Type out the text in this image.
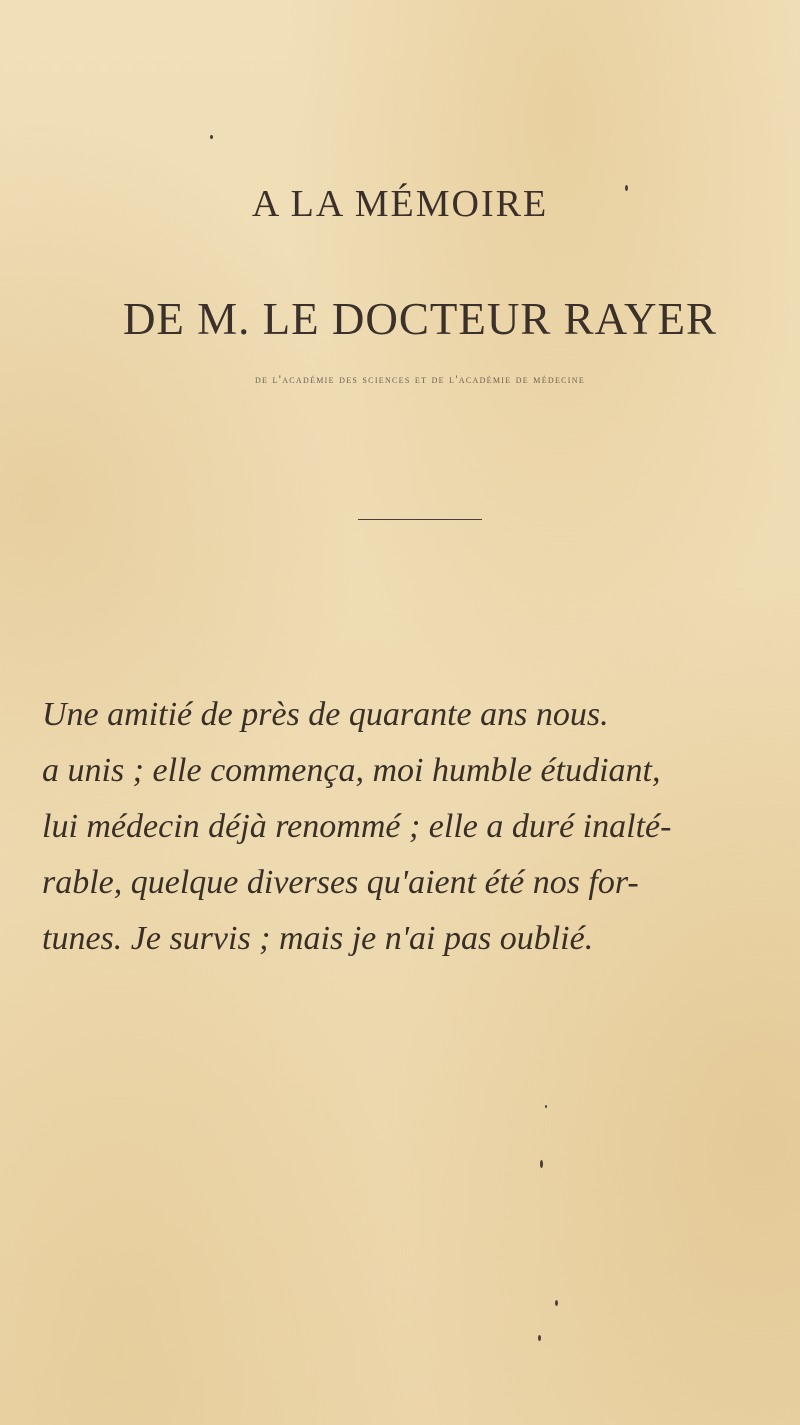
A LA MÉMOIRE
DE M. LE DOCTEUR RAYER
de l'académie des sciences et de l'académie de médecine

Une amitié de près de quarante ans nous.
a unis ; elle commença, moi humble étudiant,
lui médecin déjà renommé ; elle a duré inalté-
rable, quelque diverses qu'aient été nos for-
tunes. Je survis ; mais je n'ai pas oublié.
